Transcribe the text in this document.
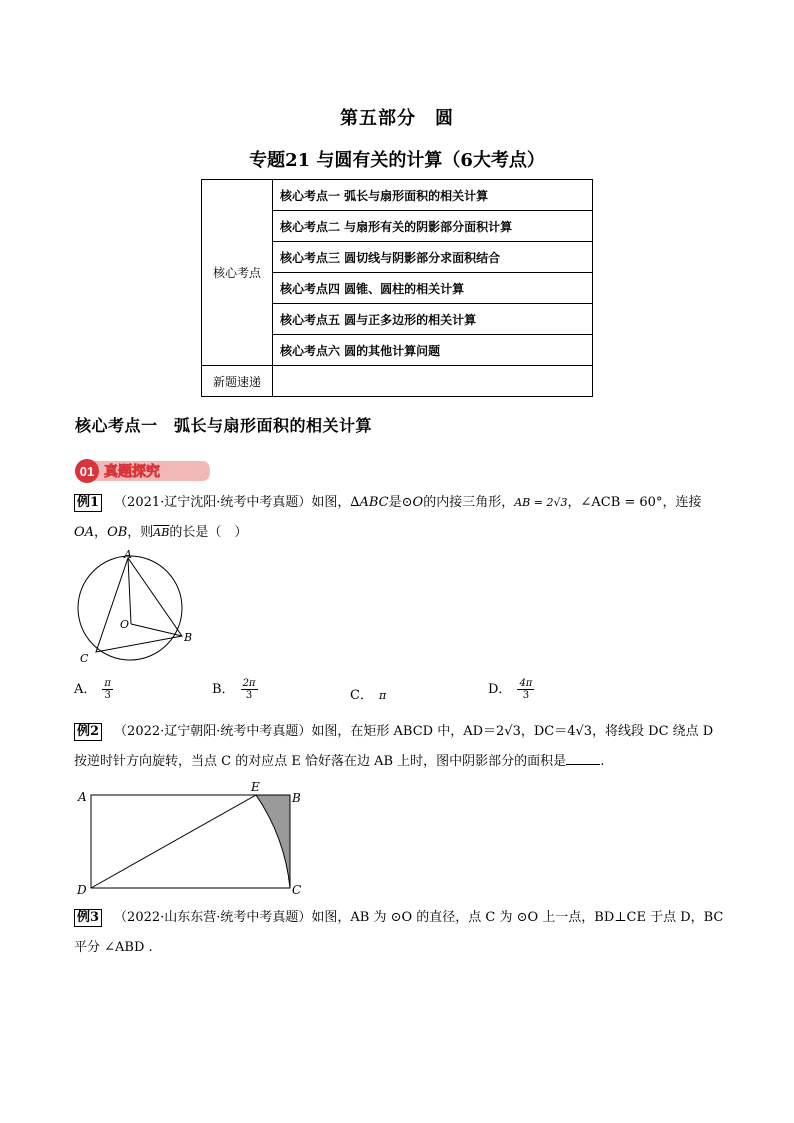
第五部分　圆
专题21 与圆有关的计算（6大考点）
核心考点	核心考点一 弧长与扇形面积的相关计算
	核心考点二 与扇形有关的阴影部分面积计算
	核心考点三 圆切线与阴影部分求面积结合
	核心考点四 圆锥、圆柱的相关计算
	核心考点五 圆与正多边形的相关计算
	核心考点六 圆的其他计算问题
新题速递	
核心考点一　弧长与扇形面积的相关计算
01 真题探究
例1 （2021·辽宁沈阳·统考中考真题）如图，∆ABC是⊙O的内接三角形，AB = 2√3，∠ACB = 60°，连接
OA，OB，则$\overline{AB}$的长是（　）
A
B
C
O
A． $\frac{\pi}{3}$	B． $\frac{2\pi}{3}$	C． π	D． $\frac{4\pi}{3}$
例2 （2022·辽宁朝阳·统考中考真题）如图，在矩形 ABCD 中，AD＝2√3，DC＝4√3，将线段 DC 绕点 D
按逆时针方向旋转，当点 C 的对应点 E 恰好落在边 AB 上时，图中阴影部分的面积是	.
A	B
C
D
E
例3 （2022·山东东营·统考中考真题）如图，AB 为 ⊙O 的直径，点 C 为 ⊙O 上一点，BD⊥CE 于点 D，BC
平分 ∠ABD .
